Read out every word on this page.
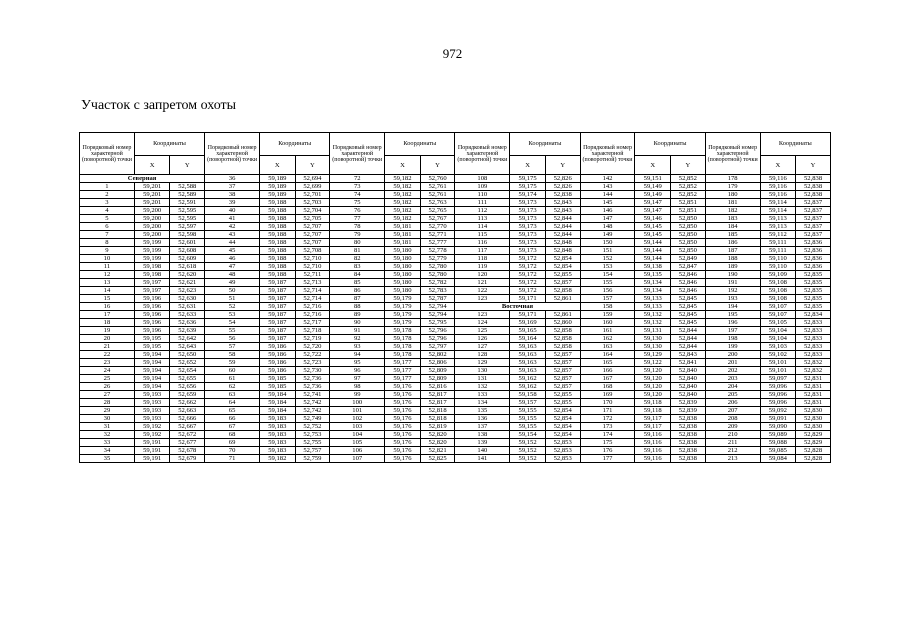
972
Участок с запретом охоты
Порядковый номер характерной (поворотной) точки	Координаты		Порядковый номер характерной (поворотной) точки	Координаты		Порядковый номер характерной (поворотной) точки	Координаты		Порядковый номер характерной (поворотной) точки	Координаты		Порядковый номер характерной (поворотной) точки	Координаты		Порядковый номер характерной (поворотной) точки	Координаты	
	X	Y		X	Y		X	Y		X	Y		X	Y		X	Y
Северная			36	59,189	52,694	72	59,182	52,760	108	59,175	52,826	142	59,151	52,852	178	59,116	52,838
1	59,201	52,588	37	59,189	52,699	73	59,182	52,761	109	59,175	52,826	143	59,149	52,852	179	59,116	52,838
2	59,201	52,589	38	59,189	52,701	74	59,182	52,761	110	59,174	52,838	144	59,149	52,852	180	59,116	52,838
3	59,201	52,591	39	59,188	52,703	75	59,182	52,763	111	59,173	52,843	145	59,147	52,851	181	59,114	52,837
4	59,200	52,595	40	59,188	52,704	76	59,182	52,765	112	59,173	52,843	146	59,147	52,851	182	59,114	52,837
5	59,200	52,595	41	59,188	52,705	77	59,182	52,767	113	59,173	52,844	147	59,146	52,850	183	59,113	52,837
6	59,200	52,597	42	59,188	52,707	78	59,181	52,770	114	59,173	52,844	148	59,145	52,850	184	59,113	52,837
7	59,200	52,598	43	59,188	52,707	79	59,181	52,771	115	59,173	52,844	149	59,145	52,850	185	59,112	52,837
8	59,199	52,601	44	59,188	52,707	80	59,181	52,777	116	59,173	52,848	150	59,144	52,850	186	59,111	52,836
9	59,199	52,608	45	59,188	52,708	81	59,180	52,778	117	59,173	52,848	151	59,144	52,850	187	59,111	52,836
10	59,199	52,609	46	59,188	52,710	82	59,180	52,779	118	59,172	52,854	152	59,144	52,849	188	59,110	52,836
11	59,198	52,618	47	59,188	52,710	83	59,180	52,780	119	59,172	52,854	153	59,138	52,847	189	59,110	52,836
12	59,198	52,620	48	59,188	52,711	84	59,180	52,780	120	59,172	52,855	154	59,135	52,846	190	59,109	52,835
13	59,197	52,621	49	59,187	52,713	85	59,180	52,782	121	59,172	52,857	155	59,134	52,846	191	59,108	52,835
14	59,197	52,623	50	59,187	52,714	86	59,180	52,783	122	59,172	52,858	156	59,134	52,846	192	59,108	52,835
15	59,196	52,630	51	59,187	52,714	87	59,179	52,787	123	59,171	52,861	157	59,133	52,845	193	59,108	52,835
16	59,196	52,631	52	59,187	52,716	88	59,179	52,794	Восточная			158	59,133	52,845	194	59,107	52,835
17	59,196	52,633	53	59,187	52,716	89	59,179	52,794	123	59,171	52,861	159	59,132	52,845	195	59,107	52,834
18	59,196	52,636	54	59,187	52,717	90	59,179	52,795	124	59,169	52,860	160	59,132	52,845	196	59,105	52,833
19	59,196	52,639	55	59,187	52,718	91	59,178	52,796	125	59,165	52,858	161	59,131	52,844	197	59,104	52,833
20	59,195	52,642	56	59,187	52,719	92	59,178	52,796	126	59,164	52,858	162	59,130	52,844	198	59,104	52,833
21	59,195	52,643	57	59,186	52,720	93	59,178	52,797	127	59,163	52,858	163	59,130	52,844	199	59,103	52,833
22	59,194	52,650	58	59,186	52,722	94	59,178	52,802	128	59,163	52,857	164	59,129	52,843	200	59,102	52,833
23	59,194	52,652	59	59,186	52,723	95	59,177	52,806	129	59,163	52,857	165	59,122	52,841	201	59,101	52,832
24	59,194	52,654	60	59,186	52,730	96	59,177	52,809	130	59,163	52,857	166	59,120	52,840	202	59,101	52,832
25	59,194	52,655	61	59,185	52,736	97	59,177	52,809	131	59,162	52,857	167	59,120	52,840	203	59,097	52,831
26	59,194	52,656	62	59,185	52,736	98	59,176	52,816	132	59,162	52,857	168	59,120	52,840	204	59,096	52,831
27	59,193	52,659	63	59,184	52,741	99	59,176	52,817	133	59,158	52,855	169	59,120	52,840	205	59,096	52,831
28	59,193	52,662	64	59,184	52,742	100	59,176	52,817	134	59,157	52,855	170	59,118	52,839	206	59,096	52,831
29	59,193	52,663	65	59,184	52,742	101	59,176	52,818	135	59,155	52,854	171	59,118	52,839	207	59,092	52,830
30	59,193	52,666	66	59,183	52,749	102	59,176	52,818	136	59,155	52,854	172	59,117	52,838	208	59,091	52,830
31	59,192	52,667	67	59,183	52,752	103	59,176	52,819	137	59,155	52,854	173	59,117	52,838	209	59,090	52,830
32	59,192	52,672	68	59,183	52,753	104	59,176	52,820	138	59,154	52,854	174	59,116	52,838	210	59,089	52,829
33	59,191	52,677	69	59,183	52,755	105	59,176	52,820	139	59,152	52,853	175	59,116	52,838	211	59,088	52,829
34	59,191	52,678	70	59,183	52,757	106	59,176	52,821	140	59,152	52,853	176	59,116	52,838	212	59,085	52,828
35	59,191	52,679	71	59,182	52,759	107	59,176	52,825	141	59,152	52,853	177	59,116	52,838	213	59,084	52,828
